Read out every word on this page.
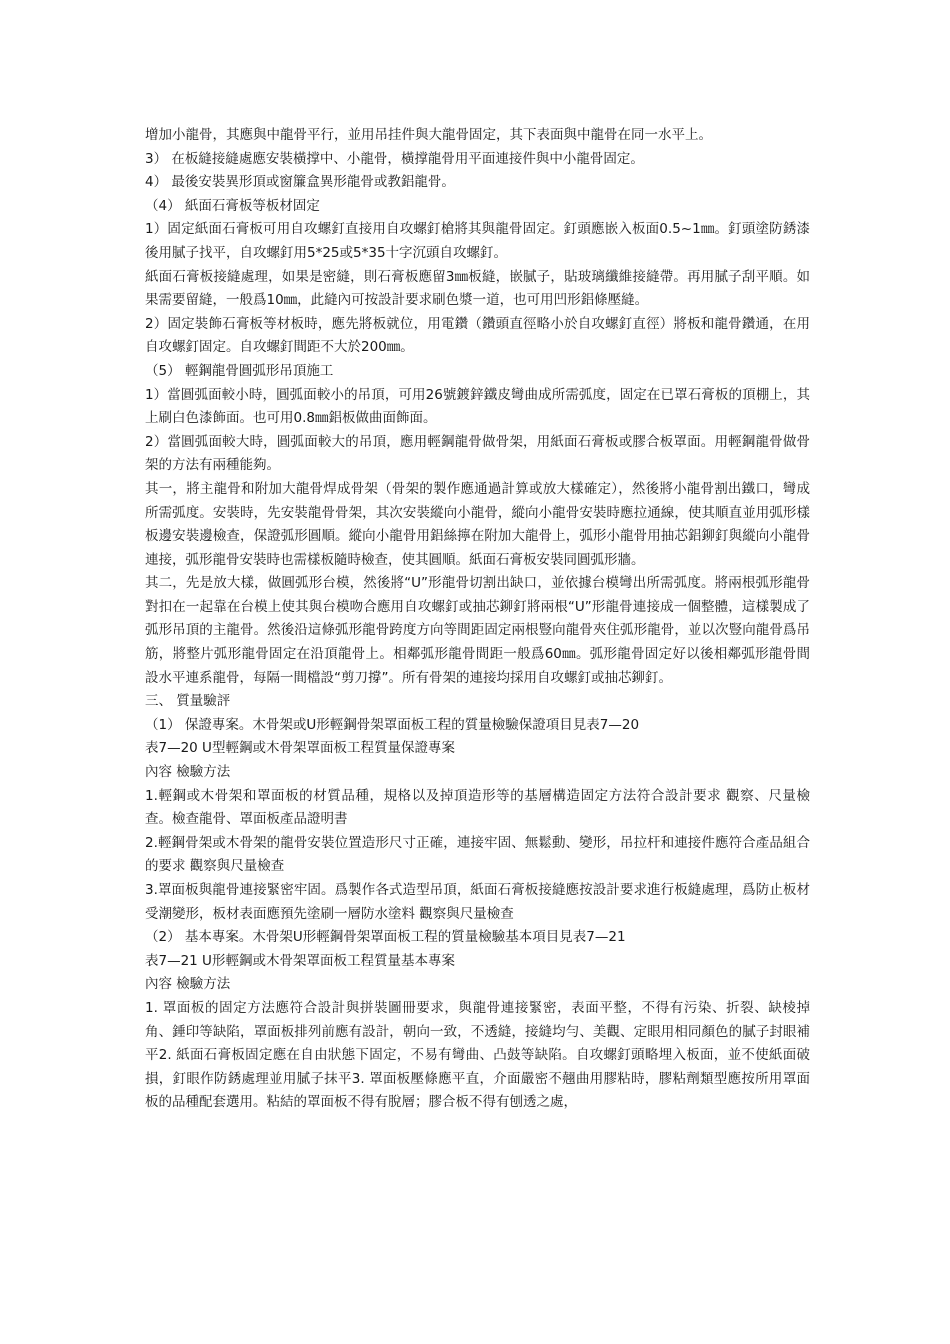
增加小龍骨，其應與中龍骨平行，並用吊挂件與大龍骨固定，其下表面與中龍骨在同一水平上。

3） 在板縫接縫處應安裝橫撑中、小龍骨，橫撑龍骨用平面連接件與中小龍骨固定。

4） 最後安裝異形頂或窗簾盒異形龍骨或教鋁龍骨。

（4） 紙面石膏板等板材固定

1）固定紙面石膏板可用自攻螺釘直接用自攻螺釘槍將其與龍骨固定。釘頭應嵌入板面0.5~1㎜。釘頭塗防銹漆後用膩子找平，自攻螺釘用5*25或5*35十字沉頭自攻螺釘。

紙面石膏板接縫處理，如果是密縫，則石膏板應留3㎜板縫，嵌膩子，貼玻璃纖維接縫帶。再用膩子刮平順。如果需要留縫，一般爲10㎜，此縫內可按設計要求刷色漿一道，也可用凹形鋁條壓縫。

2）固定裝飾石膏板等材板時，應先將板就位，用電鑽（鑽頭直徑略小於自攻螺釘直徑）將板和龍骨鑽通，在用自攻螺釘固定。自攻螺釘間距不大於200㎜。

（5） 輕鋼龍骨圓弧形吊頂施工

1）當圓弧面較小時，圓弧面較小的吊頂，可用26號鍍鋅鐵皮彎曲成所需弧度，固定在已罩石膏板的頂棚上，其上刷白色漆飾面。也可用0.8㎜鋁板做曲面飾面。

2）當圓弧面較大時，圓弧面較大的吊頂，應用輕鋼龍骨做骨架，用紙面石膏板或膠合板罩面。用輕鋼龍骨做骨架的方法有兩種能夠。

其一，將主龍骨和附加大龍骨焊成骨架（骨架的製作應通過計算或放大樣確定），然後將小龍骨割出鐵口，彎成所需弧度。安裝時，先安裝龍骨骨架，其次安裝縱向小龍骨，縱向小龍骨安裝時應拉通線，使其順直並用弧形樣板邊安裝邊檢查，保證弧形圓順。縱向小龍骨用鋁絲擰在附加大龍骨上，弧形小龍骨用抽芯鋁鉚釘與縱向小龍骨連接，弧形龍骨安裝時也需樣板隨時檢查，使其圓順。紙面石膏板安裝同圓弧形牆。

其二，先是放大樣，做圓弧形台模，然後將“U”形龍骨切割出缺口，並依據台模彎出所需弧度。將兩根弧形龍骨對扣在一起靠在台模上使其與台模吻合應用自攻螺釘或抽芯鉚釘將兩根“U”形龍骨連接成一個整體，這樣製成了弧形吊頂的主龍骨。然後沿這條弧形龍骨跨度方向等間距固定兩根豎向龍骨夾住弧形龍骨，並以次豎向龍骨爲吊筋，將整片弧形龍骨固定在沿頂龍骨上。相鄰弧形龍骨間距一般爲60㎜。弧形龍骨固定好以後相鄰弧形龍骨間設水平連系龍骨，每隔一間檔設“剪刀撐”。所有骨架的連接均採用自攻螺釘或抽芯鉚釘。

三、 質量驗評

（1） 保證專案。木骨架或U形輕鋼骨架罩面板工程的質量檢驗保證項目見表7—20

表7—20 U型輕鋼或木骨架罩面板工程質量保證專案

內容 檢驗方法

1.輕鋼或木骨架和罩面板的材質品種，規格以及掉頂造形等的基層構造固定方法符合設計要求 觀察、尺量檢查。檢查龍骨、罩面板產品證明書

2.輕鋼骨架或木骨架的龍骨安裝位置造形尺寸正確，連接牢固、無鬆動、變形，吊拉杆和連接件應符合產品組合的要求 觀察與尺量檢查

3.罩面板與龍骨連接緊密牢固。爲製作各式造型吊頂，紙面石膏板接縫應按設計要求進行板縫處理，爲防止板材受潮變形，板材表面應預先塗刷一層防水塗料 觀察與尺量檢查

（2） 基本專案。木骨架U形輕鋼骨架罩面板工程的質量檢驗基本項目見表7—21

表7—21 U形輕鋼或木骨架罩面板工程質量基本專案

內容 檢驗方法

1. 罩面板的固定方法應符合設計與拼裝圖冊要求，與龍骨連接緊密，表面平整，不得有污染、折裂、缺棱掉角、錘印等缺陷，罩面板排列前應有設計，朝向一致，不透縫，接縫均勻、美觀、定眼用相同顏色的膩子封眼補平2. 紙面石膏板固定應在自由狀態下固定，不易有彎曲、凸鼓等缺陷。自攻螺釘頭略埋入板面，並不使紙面破損，釘眼作防銹處理並用膩子抹平3. 罩面板壓條應平直，介面嚴密不翹曲用膠粘時，膠粘劑類型應按所用罩面板的品種配套選用。粘結的罩面板不得有脫層；膠合板不得有刨透之處，
